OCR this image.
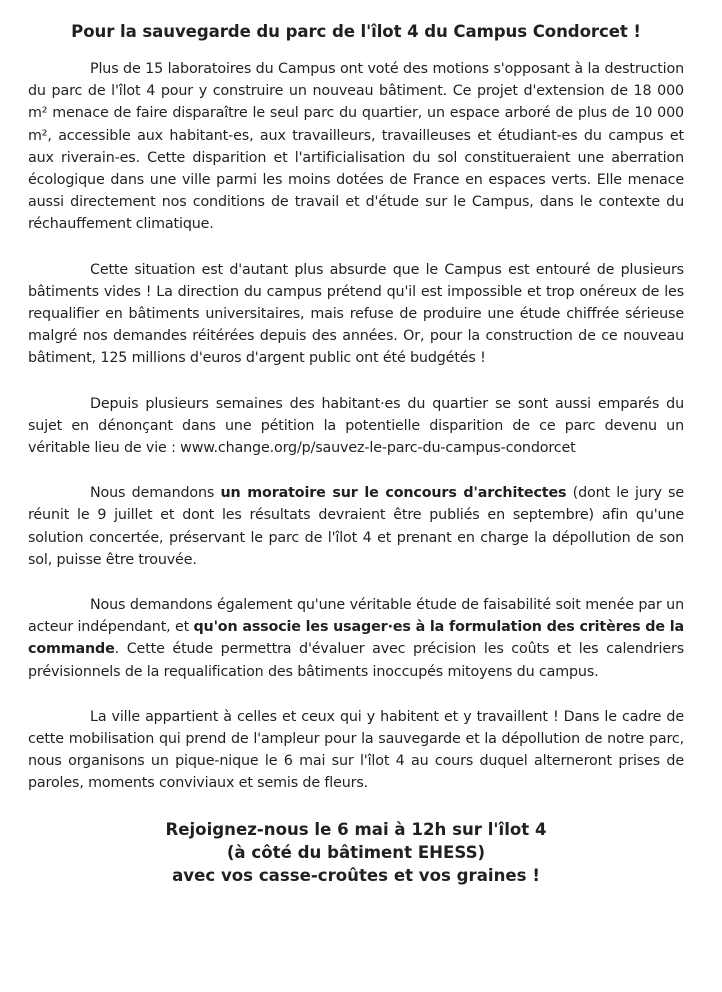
Pour la sauvegarde du parc de l'îlot 4 du Campus Condorcet !

Plus de 15 laboratoires du Campus ont voté des motions s'opposant à la destruction du parc de l'îlot 4 pour y construire un nouveau bâtiment. Ce projet d'extension de 18 000 m² menace de faire disparaître le seul parc du quartier, un espace arboré de plus de 10 000 m², accessible aux habitant-es, aux travailleurs, travailleuses et étudiant-es du campus et aux riverain-es. Cette disparition et l'artificialisation du sol constitueraient une aberration écologique dans une ville parmi les moins dotées de France en espaces verts. Elle menace aussi directement nos conditions de travail et d'étude sur le Campus, dans le contexte du réchauffement climatique.

Cette situation est d'autant plus absurde que le Campus est entouré de plusieurs bâtiments vides ! La direction du campus prétend qu'il est impossible et trop onéreux de les requalifier en bâtiments universitaires, mais refuse de produire une étude chiffrée sérieuse malgré nos demandes réitérées depuis des années. Or, pour la construction de ce nouveau bâtiment, 125 millions d'euros d'argent public ont été budgétés !

Depuis plusieurs semaines des habitant·es du quartier se sont aussi emparés du sujet en dénonçant dans une pétition la potentielle disparition de ce parc devenu un véritable lieu de vie : www.change.org/p/sauvez-le-parc-du-campus-condorcet

Nous demandons un moratoire sur le concours d'architectes (dont le jury se réunit le 9 juillet et dont les résultats devraient être publiés en septembre) afin qu'une solution concertée, préservant le parc de l'îlot 4 et prenant en charge la dépollution de son sol, puisse être trouvée.

Nous demandons également qu'une véritable étude de faisabilité soit menée par un acteur indépendant, et qu'on associe les usager·es à la formulation des critères de la commande. Cette étude permettra d'évaluer avec précision les coûts et les calendriers prévisionnels de la requalification des bâtiments inoccupés mitoyens du campus.

La ville appartient à celles et ceux qui y habitent et y travaillent ! Dans le cadre de cette mobilisation qui prend de l'ampleur pour la sauvegarde et la dépollution de notre parc, nous organisons un pique-nique le 6 mai sur l'îlot 4 au cours duquel alterneront prises de paroles, moments conviviaux et semis de fleurs.

Rejoignez-nous le 6 mai à 12h sur l'îlot 4
(à côté du bâtiment EHESS)
avec vos casse-croûtes et vos graines !
